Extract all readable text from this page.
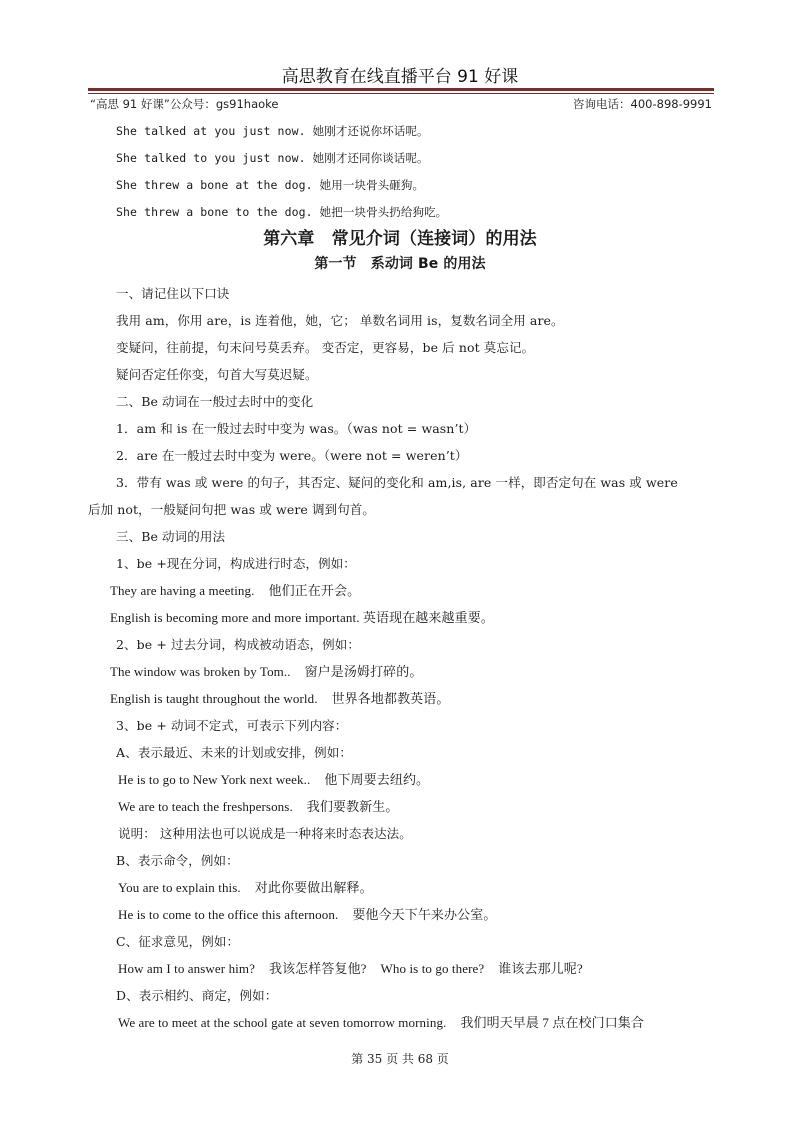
高思教育在线直播平台 91 好课
“高思 91 好课”公众号：gs91haoke	咨询电话：400-898-9991
She talked at you just now. 她刚才还说你坏话呢。
She talked to you just now. 她刚才还同你谈话呢。
She threw a bone at the dog. 她用一块骨头砸狗。
She threw a bone to the dog. 她把一块骨头扔给狗吃。
第六章　常见介词（连接词）的用法
第一节　系动词 Be 的用法
一、请记住以下口诀
我用 am，你用 are，is 连着他，她，它； 单数名词用 is，复数名词全用 are。
变疑问，往前提，句末问号莫丢弃。 变否定，更容易，be 后 not 莫忘记。
疑问否定任你变，句首大写莫迟疑。
二、Be 动词在一般过去时中的变化
1．am 和 is 在一般过去时中变为 was。（was not = wasn’t）
2．are 在一般过去时中变为 were。（were not = weren’t）
3．带有 was 或 were 的句子，其否定、疑问的变化和 am,is, are 一样，即否定句在 was 或 were
后加 not，一般疑问句把 was 或 were 调到句首。
三、Be 动词的用法
1、be +现在分词，构成进行时态，例如：
They are having a meeting. 他们正在开会。
English is becoming more and more important. 英语现在越来越重要。
2、be + 过去分词，构成被动语态，例如：
The window was broken by Tom.. 窗户是汤姆打碎的。
English is taught throughout the world. 世界各地都教英语。
3、be + 动词不定式，可表示下列内容：
A、表示最近、未来的计划或安排，例如：
He is to go to New York next week.. 他下周要去纽约。
We are to teach the freshpersons. 我们要教新生。
说明： 这种用法也可以说成是一种将来时态表达法。
B、表示命令，例如：
You are to explain this. 对此你要做出解释。
He is to come to the office this afternoon. 要他今天下午来办公室。
C、征求意见，例如：
How am I to answer him? 我该怎样答复他? Who is to go there? 谁该去那儿呢?
D、表示相约、商定，例如：
We are to meet at the school gate at seven tomorrow morning. 我们明天早晨 7 点在校门口集合
第 35 页 共 68 页
